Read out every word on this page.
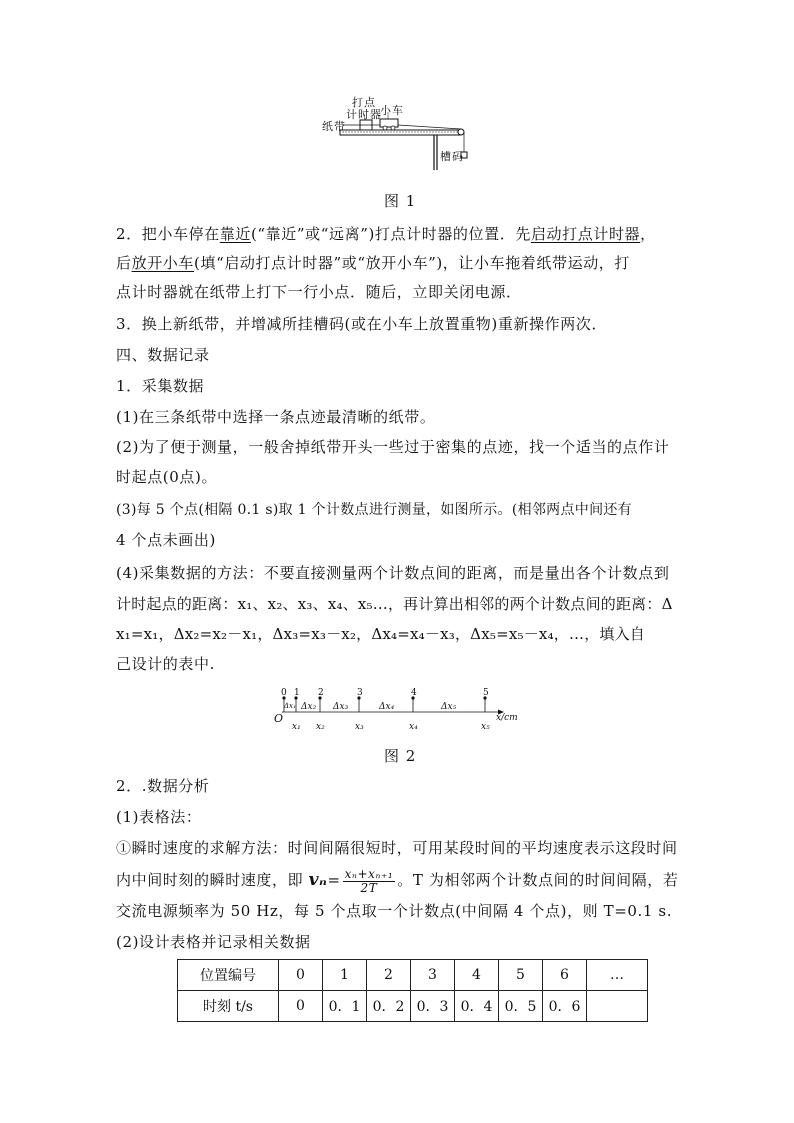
打点
计时器
小车
纸带
槽码
图 1
2．把小车停在靠近(“靠近”或“远离”)打点计时器的位置．先启动打点计时器，
后放开小车(填“启动打点计时器”或“放开小车”)，让小车拖着纸带运动，打
点计时器就在纸带上打下一行小点．随后，立即关闭电源．
3．换上新纸带，并增减所挂槽码(或在小车上放置重物)重新操作两次．
四、数据记录
1．采集数据
(1)在三条纸带中选择一条点迹最清晰的纸带。
(2)为了便于测量，一般舍掉纸带开头一些过于密集的点迹，找一个适当的点作计
时起点(0点)。
(3)每 5 个点(相隔 0.1 s)取 1 个计数点进行测量，如图所示。(相邻两点中间还有
4 个点未画出)
(4)采集数据的方法：不要直接测量两个计数点间的距离，而是量出各个计数点到
计时起点的距离：x₁、x₂、x₃、x₄、x₅…，再计算出相邻的两个计数点间的距离：Δ
x₁=x₁，Δx₂=x₂－x₁，Δx₃=x₃－x₂，Δx₄=x₄－x₃，Δx₅=x₅－x₄，…，填入自
己设计的表中.
O	x/cm
0 1 2	3	4	5
Δx₁ Δx₂ Δx₃	Δx₄	Δx₅
x₁ x₂	x₃	x₄	x₅
图 2
2．.数据分析
(1)表格法：
①瞬时速度的求解方法：时间间隔很短时，可用某段时间的平均速度表示这段时间
内中间时刻的瞬时速度，即 $v_n= \frac{\text{xₙ+xₙ₊₁}}{2T}$ 。T 为相邻两个计数点间的时间间隔，若
交流电源频率为 50 Hz，每 5 个点取一个计数点(中间隔 4 个点)，则 T=0.1 s.
(2)设计表格并记录相关数据
位置编号	0	1	2	3	4	5	6	…
时刻 t/s	0	0．1	0．2	0．3	0．4	0．5	0．6	
